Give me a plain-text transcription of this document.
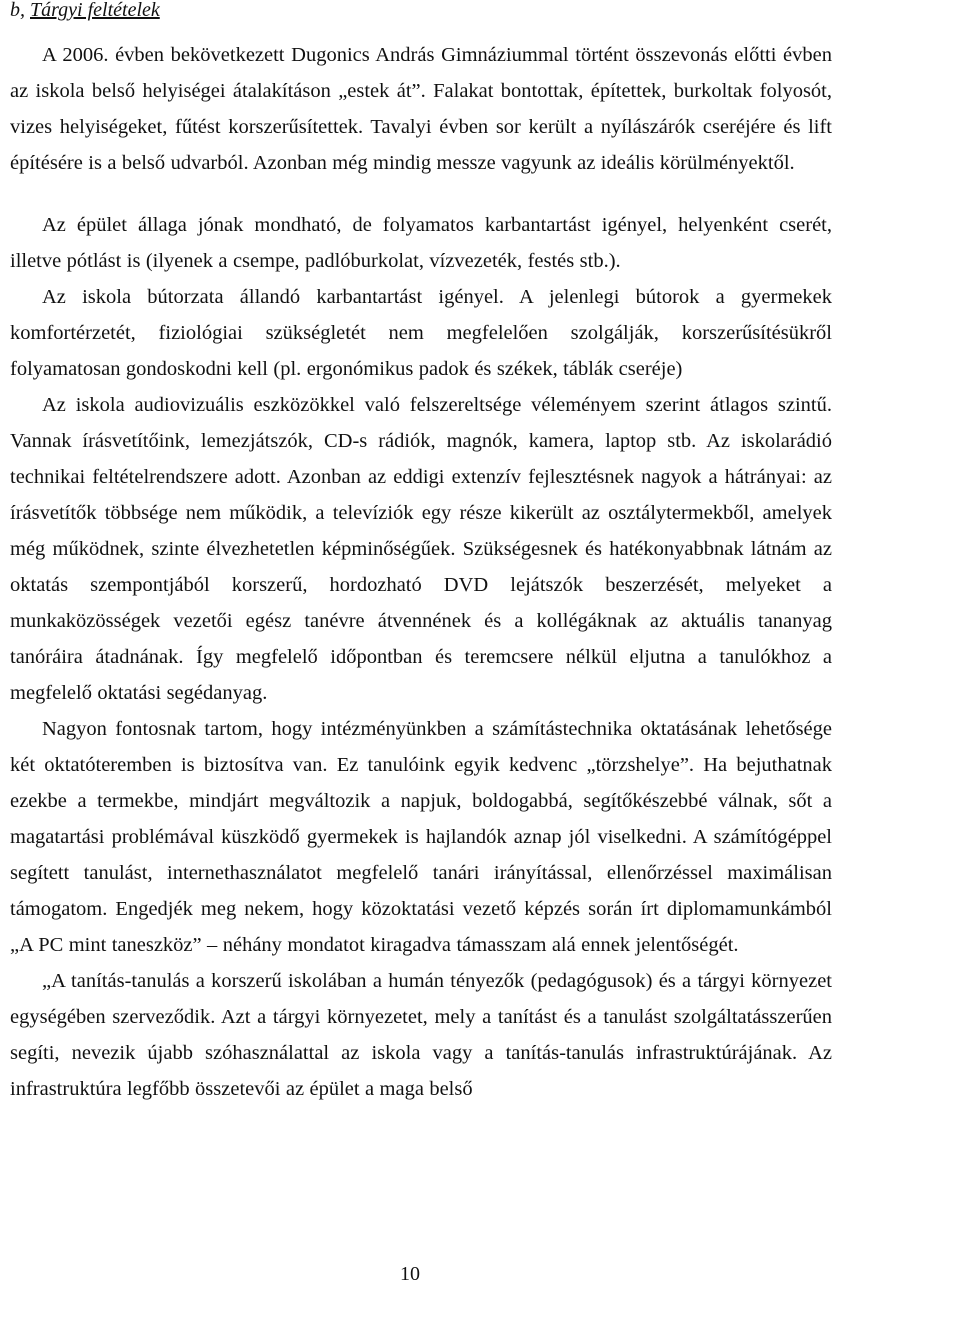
b, Tárgyi feltételek

A 2006. évben bekövetkezett Dugonics András Gimnáziummal történt összevonás előtti évben az iskola belső helyiségei átalakításon „estek át”. Falakat bontottak, építettek, burkoltak folyosót, vizes helyiségeket, fűtést korszerűsítettek. Tavalyi évben sor került a nyílászárók cseréjére és lift építésére is a belső udvarból. Azonban még mindig messze vagyunk az ideális körülményektől.

Az épület állaga jónak mondható, de folyamatos karbantartást igényel, helyenként cserét, illetve pótlást is (ilyenek a csempe, padlóburkolat, vízvezeték, festés stb.).

Az iskola bútorzata állandó karbantartást igényel. A jelenlegi bútorok a gyermekek komfortérzetét, fiziológiai szükségletét nem megfelelően szolgálják, korszerűsítésükről folyamatosan gondoskodni kell (pl. ergonómikus padok és székek, táblák cseréje)

Az iskola audiovizuális eszközökkel való felszereltsége véleményem szerint átlagos szintű. Vannak írásvetítőink, lemezjátszók, CD-s rádiók, magnók, kamera, laptop stb. Az iskolarádió technikai feltételrendszere adott. Azonban az eddigi extenzív fejlesztésnek nagyok a hátrányai: az írásvetítők többsége nem működik, a televíziók egy része kikerült az osztálytermekből, amelyek még működnek, szinte élvezhetetlen képminőségűek. Szükségesnek és hatékonyabbnak látnám az oktatás szempontjából korszerű, hordozható DVD lejátszók beszerzését, melyeket a munkaközösségek vezetői egész tanévre átvennének és a kollégáknak az aktuális tananyag tanóráira átadnának. Így megfelelő időpontban és teremcsere nélkül eljutna a tanulókhoz a megfelelő oktatási segédanyag.

Nagyon fontosnak tartom, hogy intézményünkben a számítástechnika oktatásának lehetősége két oktatóteremben is biztosítva van. Ez tanulóink egyik kedvenc „törzshelye”. Ha bejuthatnak ezekbe a termekbe, mindjárt megváltozik a napjuk, boldogabbá, segítőkészebbé válnak, sőt a magatartási problémával küszködő gyermekek is hajlandók aznap jól viselkedni. A számítógéppel segített tanulást, internethasználatot megfelelő tanári irányítással, ellenőrzéssel maximálisan támogatom. Engedjék meg nekem, hogy közoktatási vezető képzés során írt diplomamunkámból „A PC mint taneszköz” – néhány mondatot kiragadva támasszam alá ennek jelentőségét.

„A tanítás-tanulás a korszerű iskolában a humán tényezők (pedagógusok) és a tárgyi környezet egységében szerveződik. Azt a tárgyi környezetet, mely a tanítást és a tanulást szolgáltatásszerűen segíti, nevezik újabb szóhasználattal az iskola vagy a tanítás-tanulás infrastruktúrájának. Az infrastruktúra legfőbb összetevői az épület a maga belső

10
